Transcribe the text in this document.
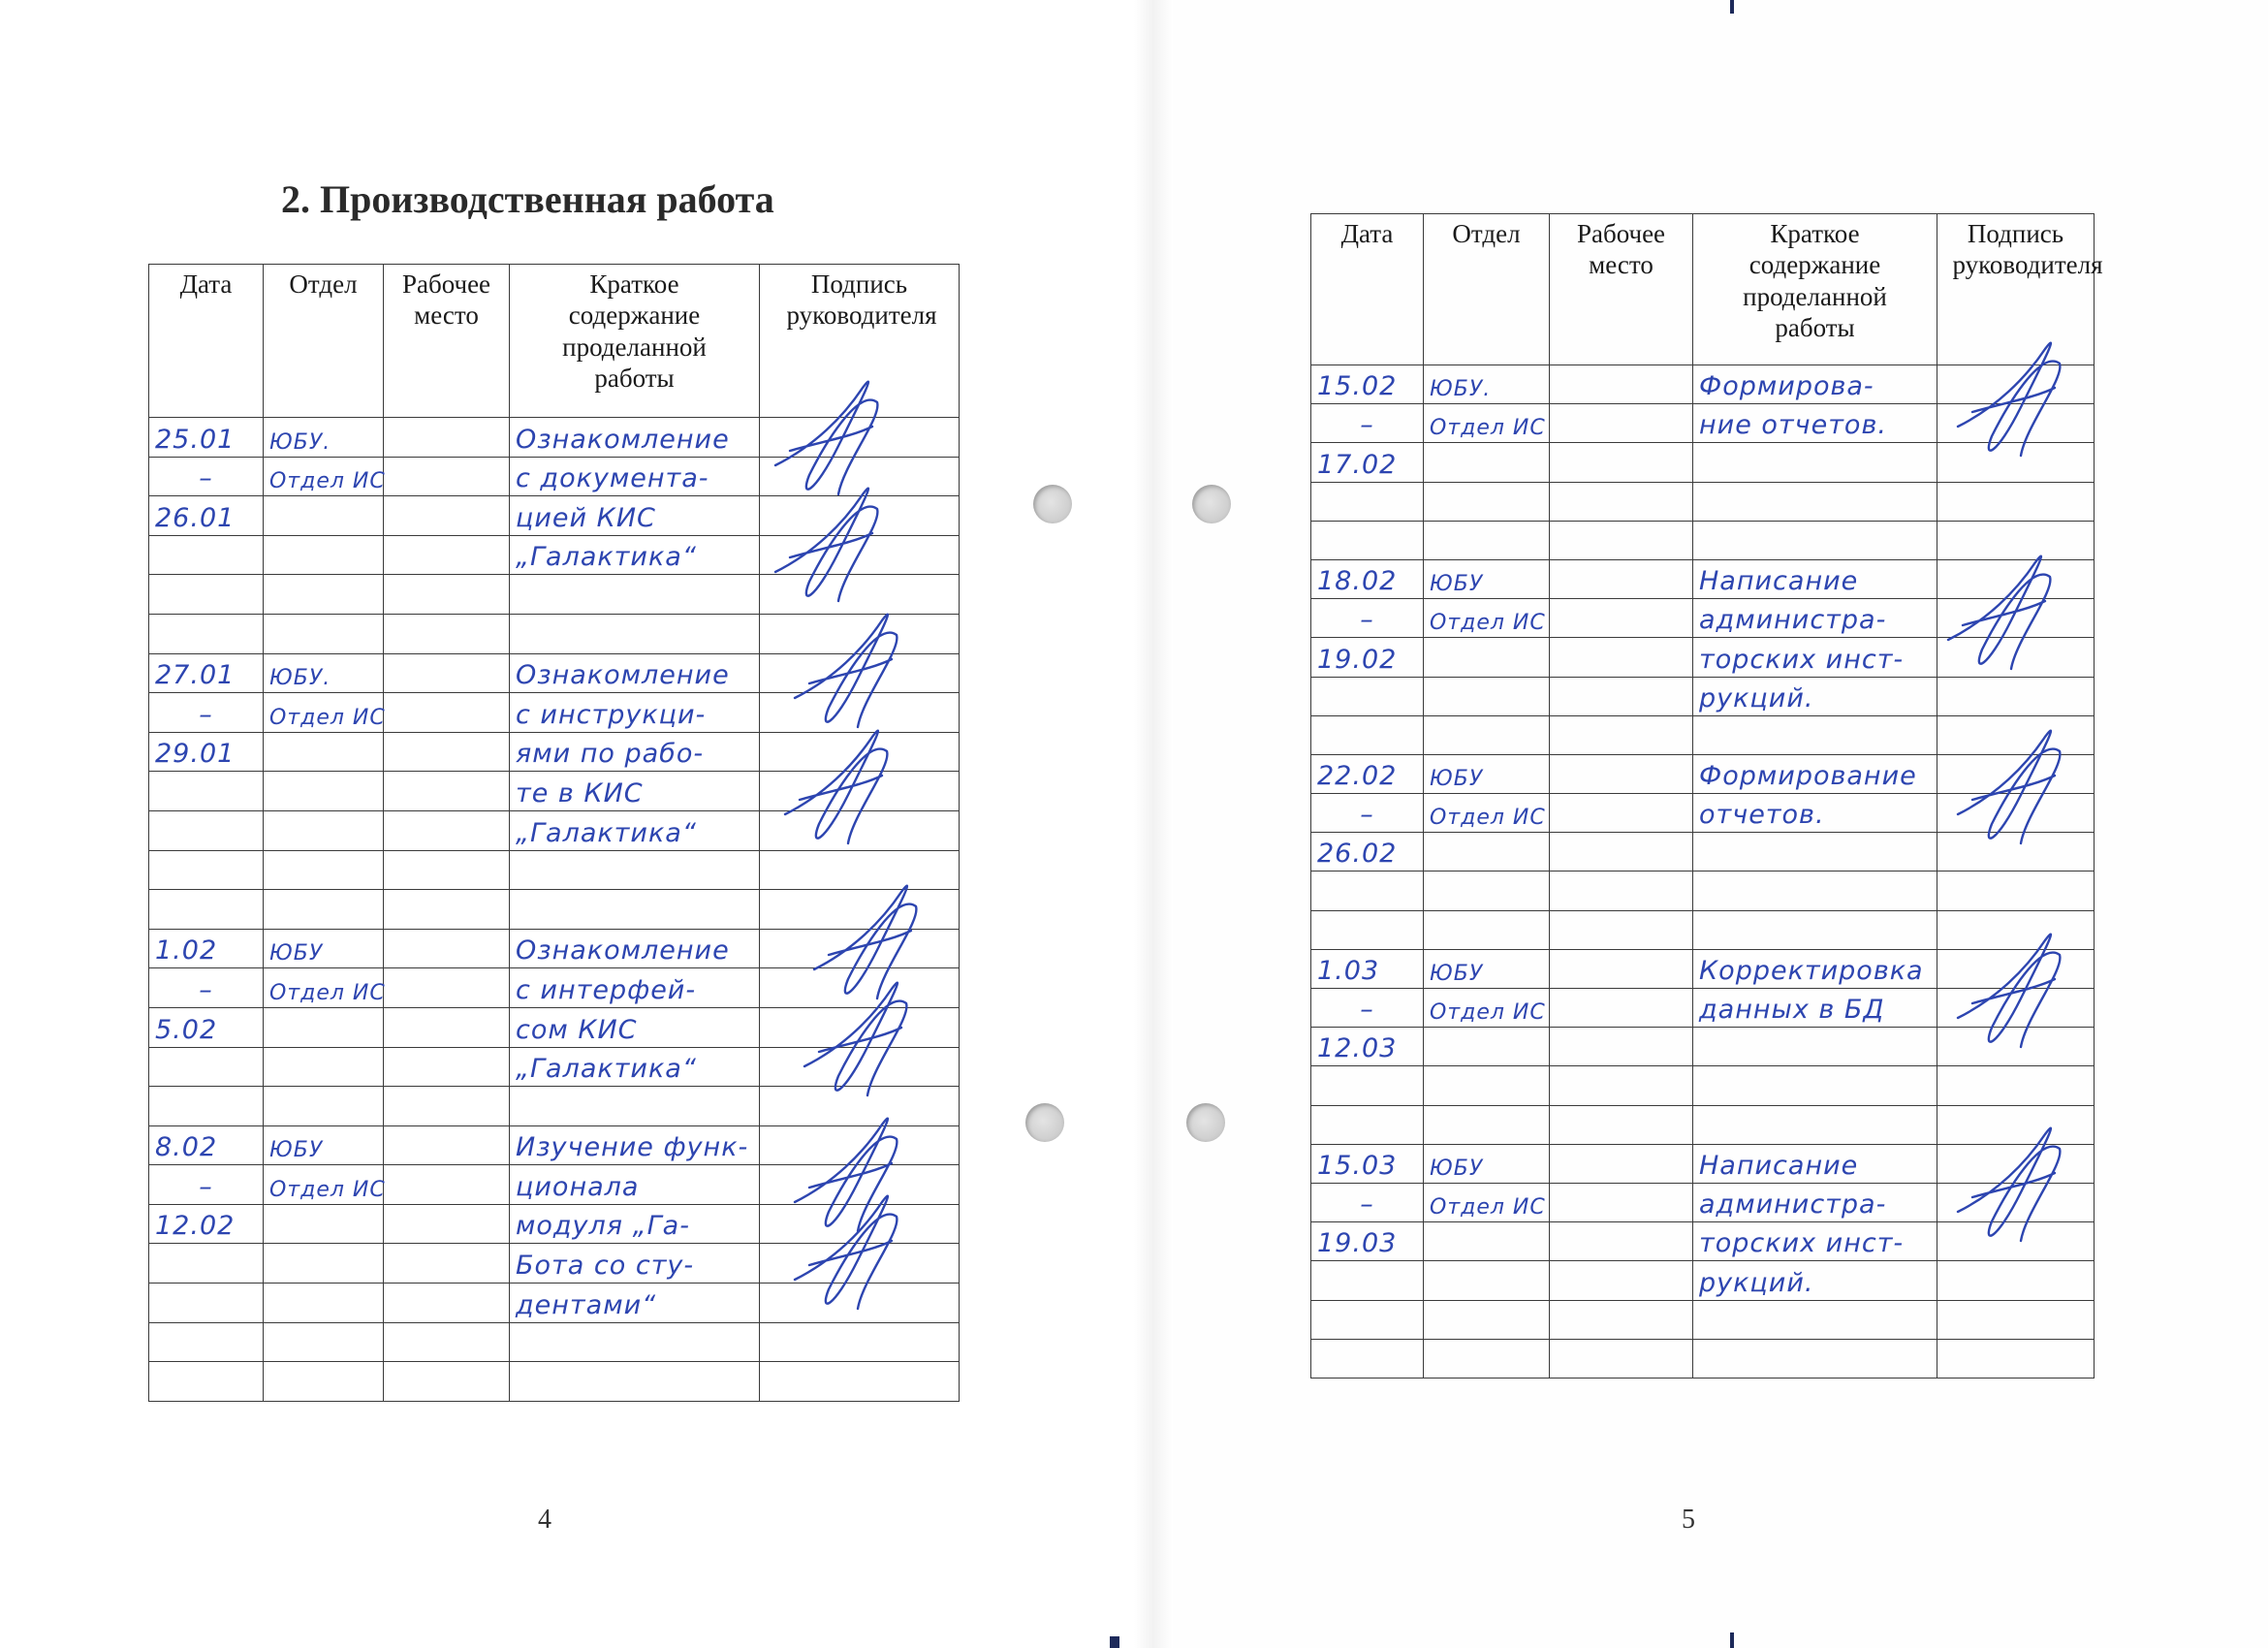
2. Производственная работа
Дата	Отдел	Рабочее место	Краткое содержание проделанной работы	Подпись руководителя

25.01	ЮБУ.		Ознакомление	

–	Отдел ИС		с документа-	

26.01			цией КИС	

			„Галактика“	

27.01	ЮБУ.		Ознакомление	

–	Отдел ИС		с инструкци-	

29.01			ями по рабо-	

			те в КИС	

			„Галактика“	

1.02	ЮБУ		Ознакомление	

–	Отдел ИС		с интерфей-	

5.02			сом КИС	

			„Галактика“	

8.02	ЮБУ		Изучение функ-	

–	Отдел ИС		ционала	

12.02			модуля „Га-	

			Бота со сту-	

			дентами“	

Дата	Отдел	Рабочее место	Краткое содержание проделанной работы	Подпись руководителя

15.02	ЮБУ.		Формирова-	

–	Отдел ИС		ние отчетов.	

17.02				

18.02	ЮБУ		Написание	

–	Отдел ИС		администра-	

19.02			торских инст-	

			рукций.	

22.02	ЮБУ		Формирование	

–	Отдел ИС		отчетов.	

26.02				

1.03	ЮБУ		Корректировка	

–	Отдел ИС		данных в БД	

12.03				

15.03	ЮБУ		Написание	

–	Отдел ИС		администра-	

19.03			торских инст-	

			рукций.	

4	5
